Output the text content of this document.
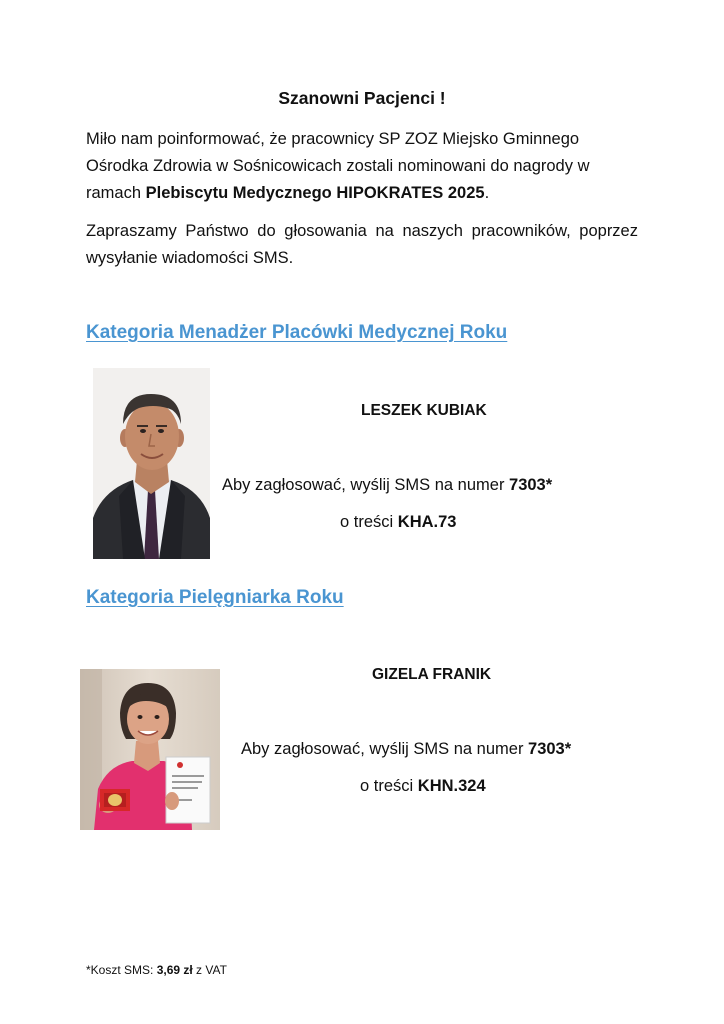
Szanowni Pacjenci !
Miło nam poinformować, że pracownicy SP ZOZ Miejsko Gminnego Ośrodka Zdrowia w Sośnicowicach zostali nominowani do nagrody w ramach Plebiscytu Medycznego HIPOKRATES 2025.
Zapraszamy Państwo do głosowania na naszych pracowników, poprzez wysyłanie wiadomości SMS.
Kategoria Menadżer Placówki Medycznej Roku
LESZEK KUBIAK
Aby zagłosować, wyślij SMS na numer 7303*
o treści KHA.73
Kategoria Pielęgniarka Roku
GIZELA FRANIK
Aby zagłosować, wyślij SMS na numer 7303*
o treści KHN.324
*Koszt SMS: 3,69 zł z VAT
